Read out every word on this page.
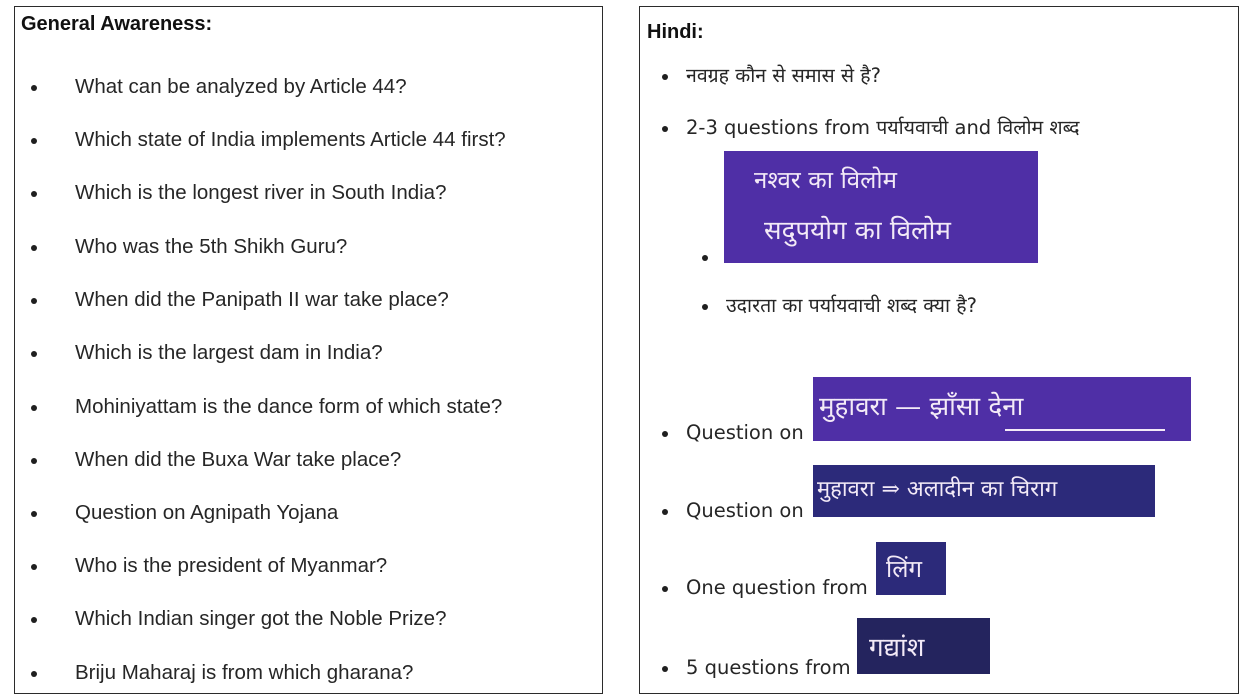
General Awareness:
What can be analyzed by Article 44?
Which state of India implements Article 44 first?
Which is the longest river in South India?
Who was the 5th Shikh Guru?
When did the Panipath II war take place?
Which is the largest dam in India?
Mohiniyattam is the dance form of which state?
When did the Buxa War take place?
Question on Agnipath Yojana
Who is the president of Myanmar?
Which Indian singer got the Noble Prize?
Briju Maharaj is from which gharana?
Hindi:
नवग्रह कौन से समास से है?
2-3 questions from पर्यायवाची and विलोम शब्द
नश्वर का विलोम
सदुपयोग का विलोम
उदारता का पर्यायवाची शब्द क्या है?
Question on
मुहावरा — झाँसा देना
Question on
मुहावरा ⇒ अलादीन का चिराग
One question from
लिंग
5 questions from
गद्यांश
